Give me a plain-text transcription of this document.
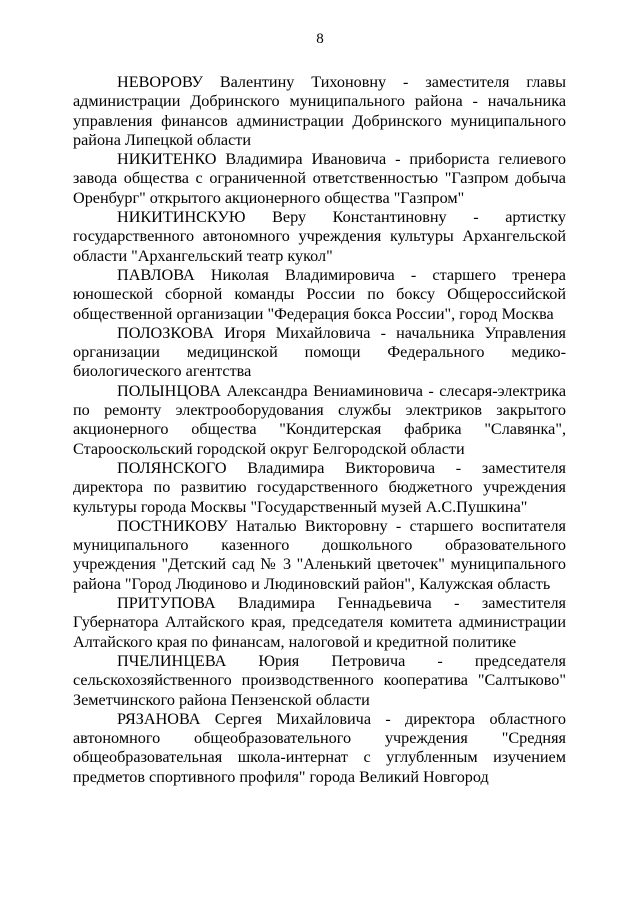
8

НЕВОРОВУ Валентину Тихоновну - заместителя главы администрации Добринского муниципального района - начальника управления финансов администрации Добринского муниципального района Липецкой области

НИКИТЕНКО Владимира Ивановича - прибориста гелиевого завода общества с ограниченной ответственностью "Газпром добыча Оренбург" открытого акционерного общества "Газпром"

НИКИТИНСКУЮ Веру Константиновну - артистку государственного автономного учреждения культуры Архангельской области "Архангельский театр кукол"

ПАВЛОВА Николая Владимировича - старшего тренера юношеской сборной команды России по боксу Общероссийской общественной организации "Федерация бокса России", город Москва

ПОЛОЗКОВА Игоря Михайловича - начальника Управления организации медицинской помощи Федерального медико-биологического агентства

ПОЛЫНЦОВА Александра Вениаминовича - слесаря-электрика по ремонту электрооборудования службы электриков закрытого акционерного общества "Кондитерская фабрика "Славянка", Старооскольский городской округ Белгородской области

ПОЛЯНСКОГО Владимира Викторовича - заместителя директора по развитию государственного бюджетного учреждения культуры города Москвы "Государственный музей А.С.Пушкина"

ПОСТНИКОВУ Наталью Викторовну - старшего воспитателя муниципального казенного дошкольного образовательного учреждения "Детский сад № 3 "Аленький цветочек" муниципального района "Город Людиново и Людиновский район", Калужская область

ПРИТУПОВА Владимира Геннадьевича - заместителя Губернатора Алтайского края, председателя комитета администрации Алтайского края по финансам, налоговой и кредитной политике

ПЧЕЛИНЦЕВА Юрия Петровича - председателя сельскохозяйственного производственного кооператива "Салтыково" Земетчинского района Пензенской области

РЯЗАНОВА Сергея Михайловича - директора областного автономного общеобразовательного учреждения "Средняя общеобразовательная школа-интернат с углубленным изучением предметов спортивного профиля" города Великий Новгород
